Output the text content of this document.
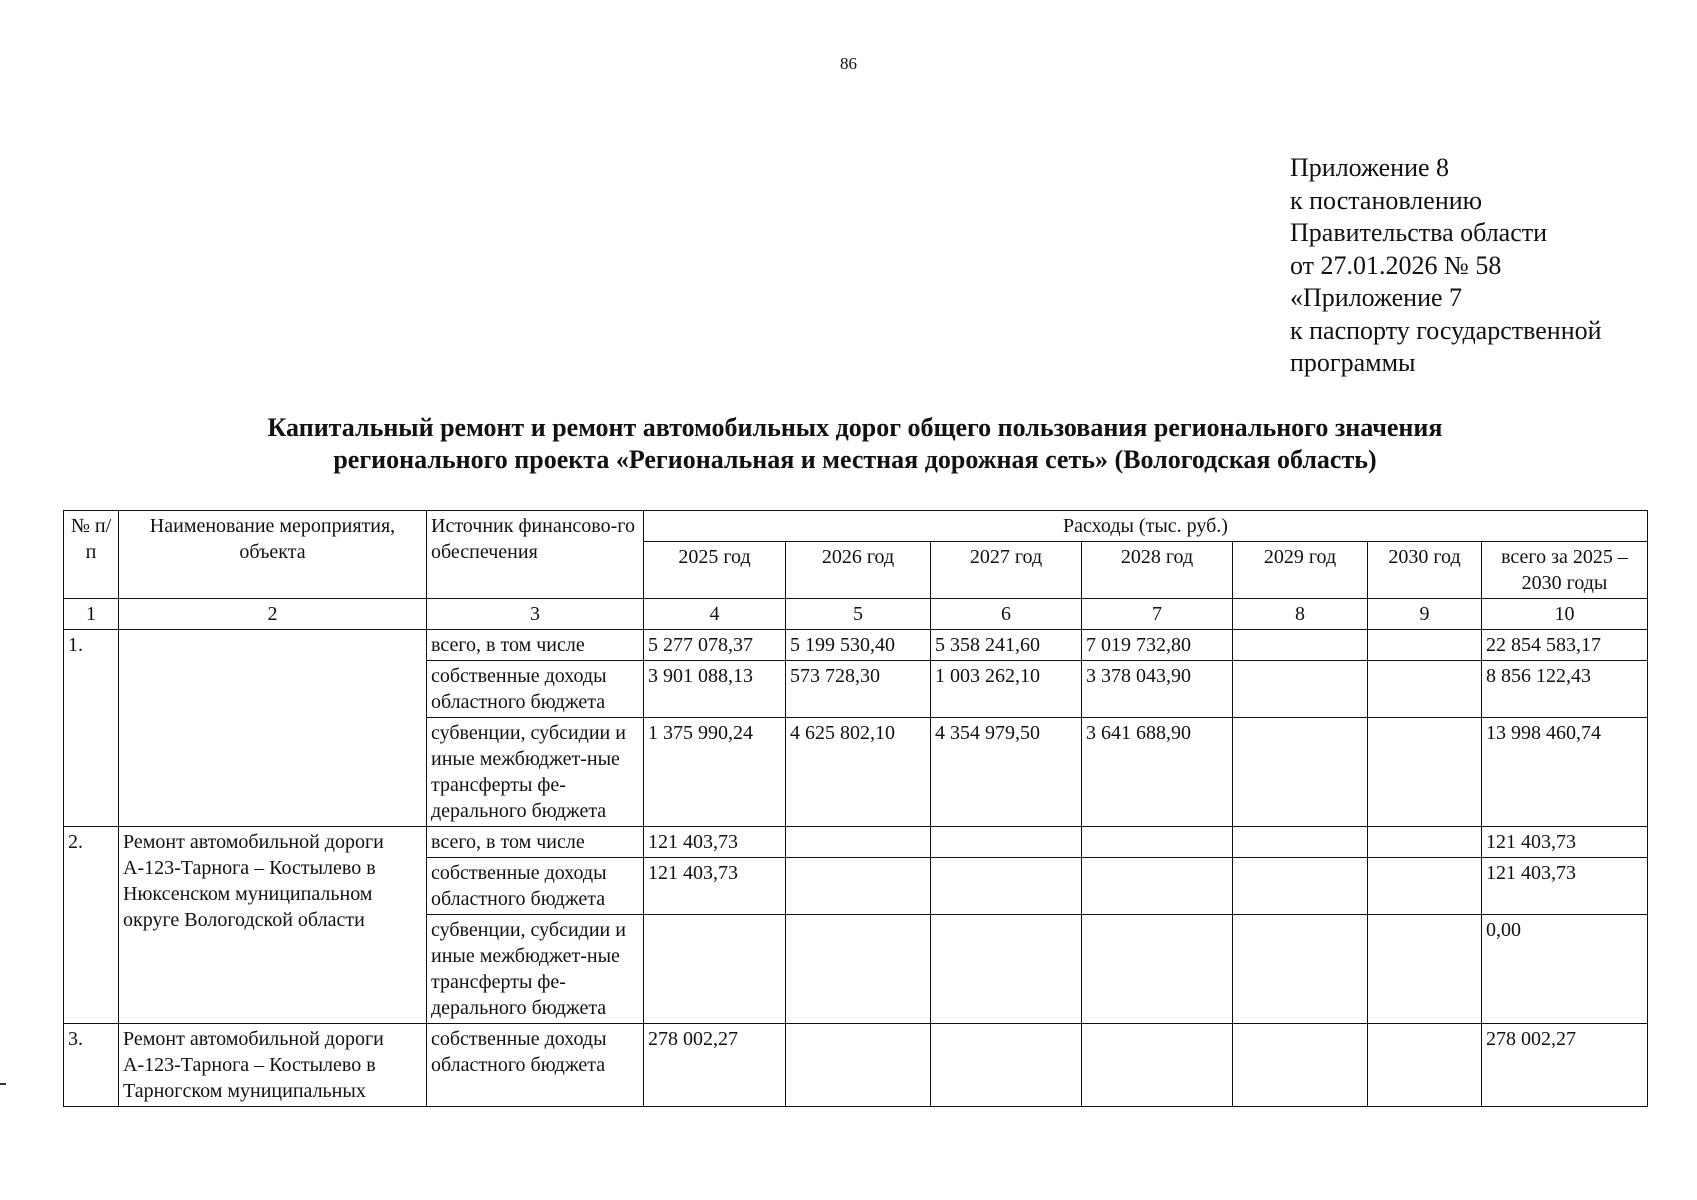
86
Приложение 8
к постановлению
Правительства области
от 27.01.2026 № 58
«Приложение 7
к паспорту государственной
программы
Капитальный ремонт и ремонт автомобильных дорог общего пользования регионального значения
регионального проекта «Региональная и местная дорожная сеть» (Вологодская область)
№ п/п	Наименование мероприятия, объекта	Источник финансово-го обеспечения	Расходы (тыс. руб.)						
			2025 год	2026 год	2027 год	2028 год	2029 год	2030 год	всего за 2025 – 2030 годы
1	2	3	4	5	6	7	8	9	10
1.		всего, в том числе	5 277 078,37	5 199 530,40	5 358 241,60	7 019 732,80			22 854 583,17
		собственные доходы областного бюджета	3 901 088,13	573 728,30	1 003 262,10	3 378 043,90			8 856 122,43
		субвенции, субсидии и иные межбюджет-ные трансферты фе-дерального бюджета	1 375 990,24	4 625 802,10	4 354 979,50	3 641 688,90			13 998 460,74
2.	Ремонт автомобильной дороги А-123-Тарнога – Костылево в Нюксенском муниципальном округе Вологодской области	всего, в том числе	121 403,73						121 403,73
		собственные доходы областного бюджета	121 403,73						121 403,73
		субвенции, субсидии и иные межбюджет-ные трансферты фе-дерального бюджета							0,00
3.	Ремонт автомобильной дороги А-123-Тарнога – Костылево в Тарногском муниципальных	собственные доходы областного бюджета	278 002,27						278 002,27
